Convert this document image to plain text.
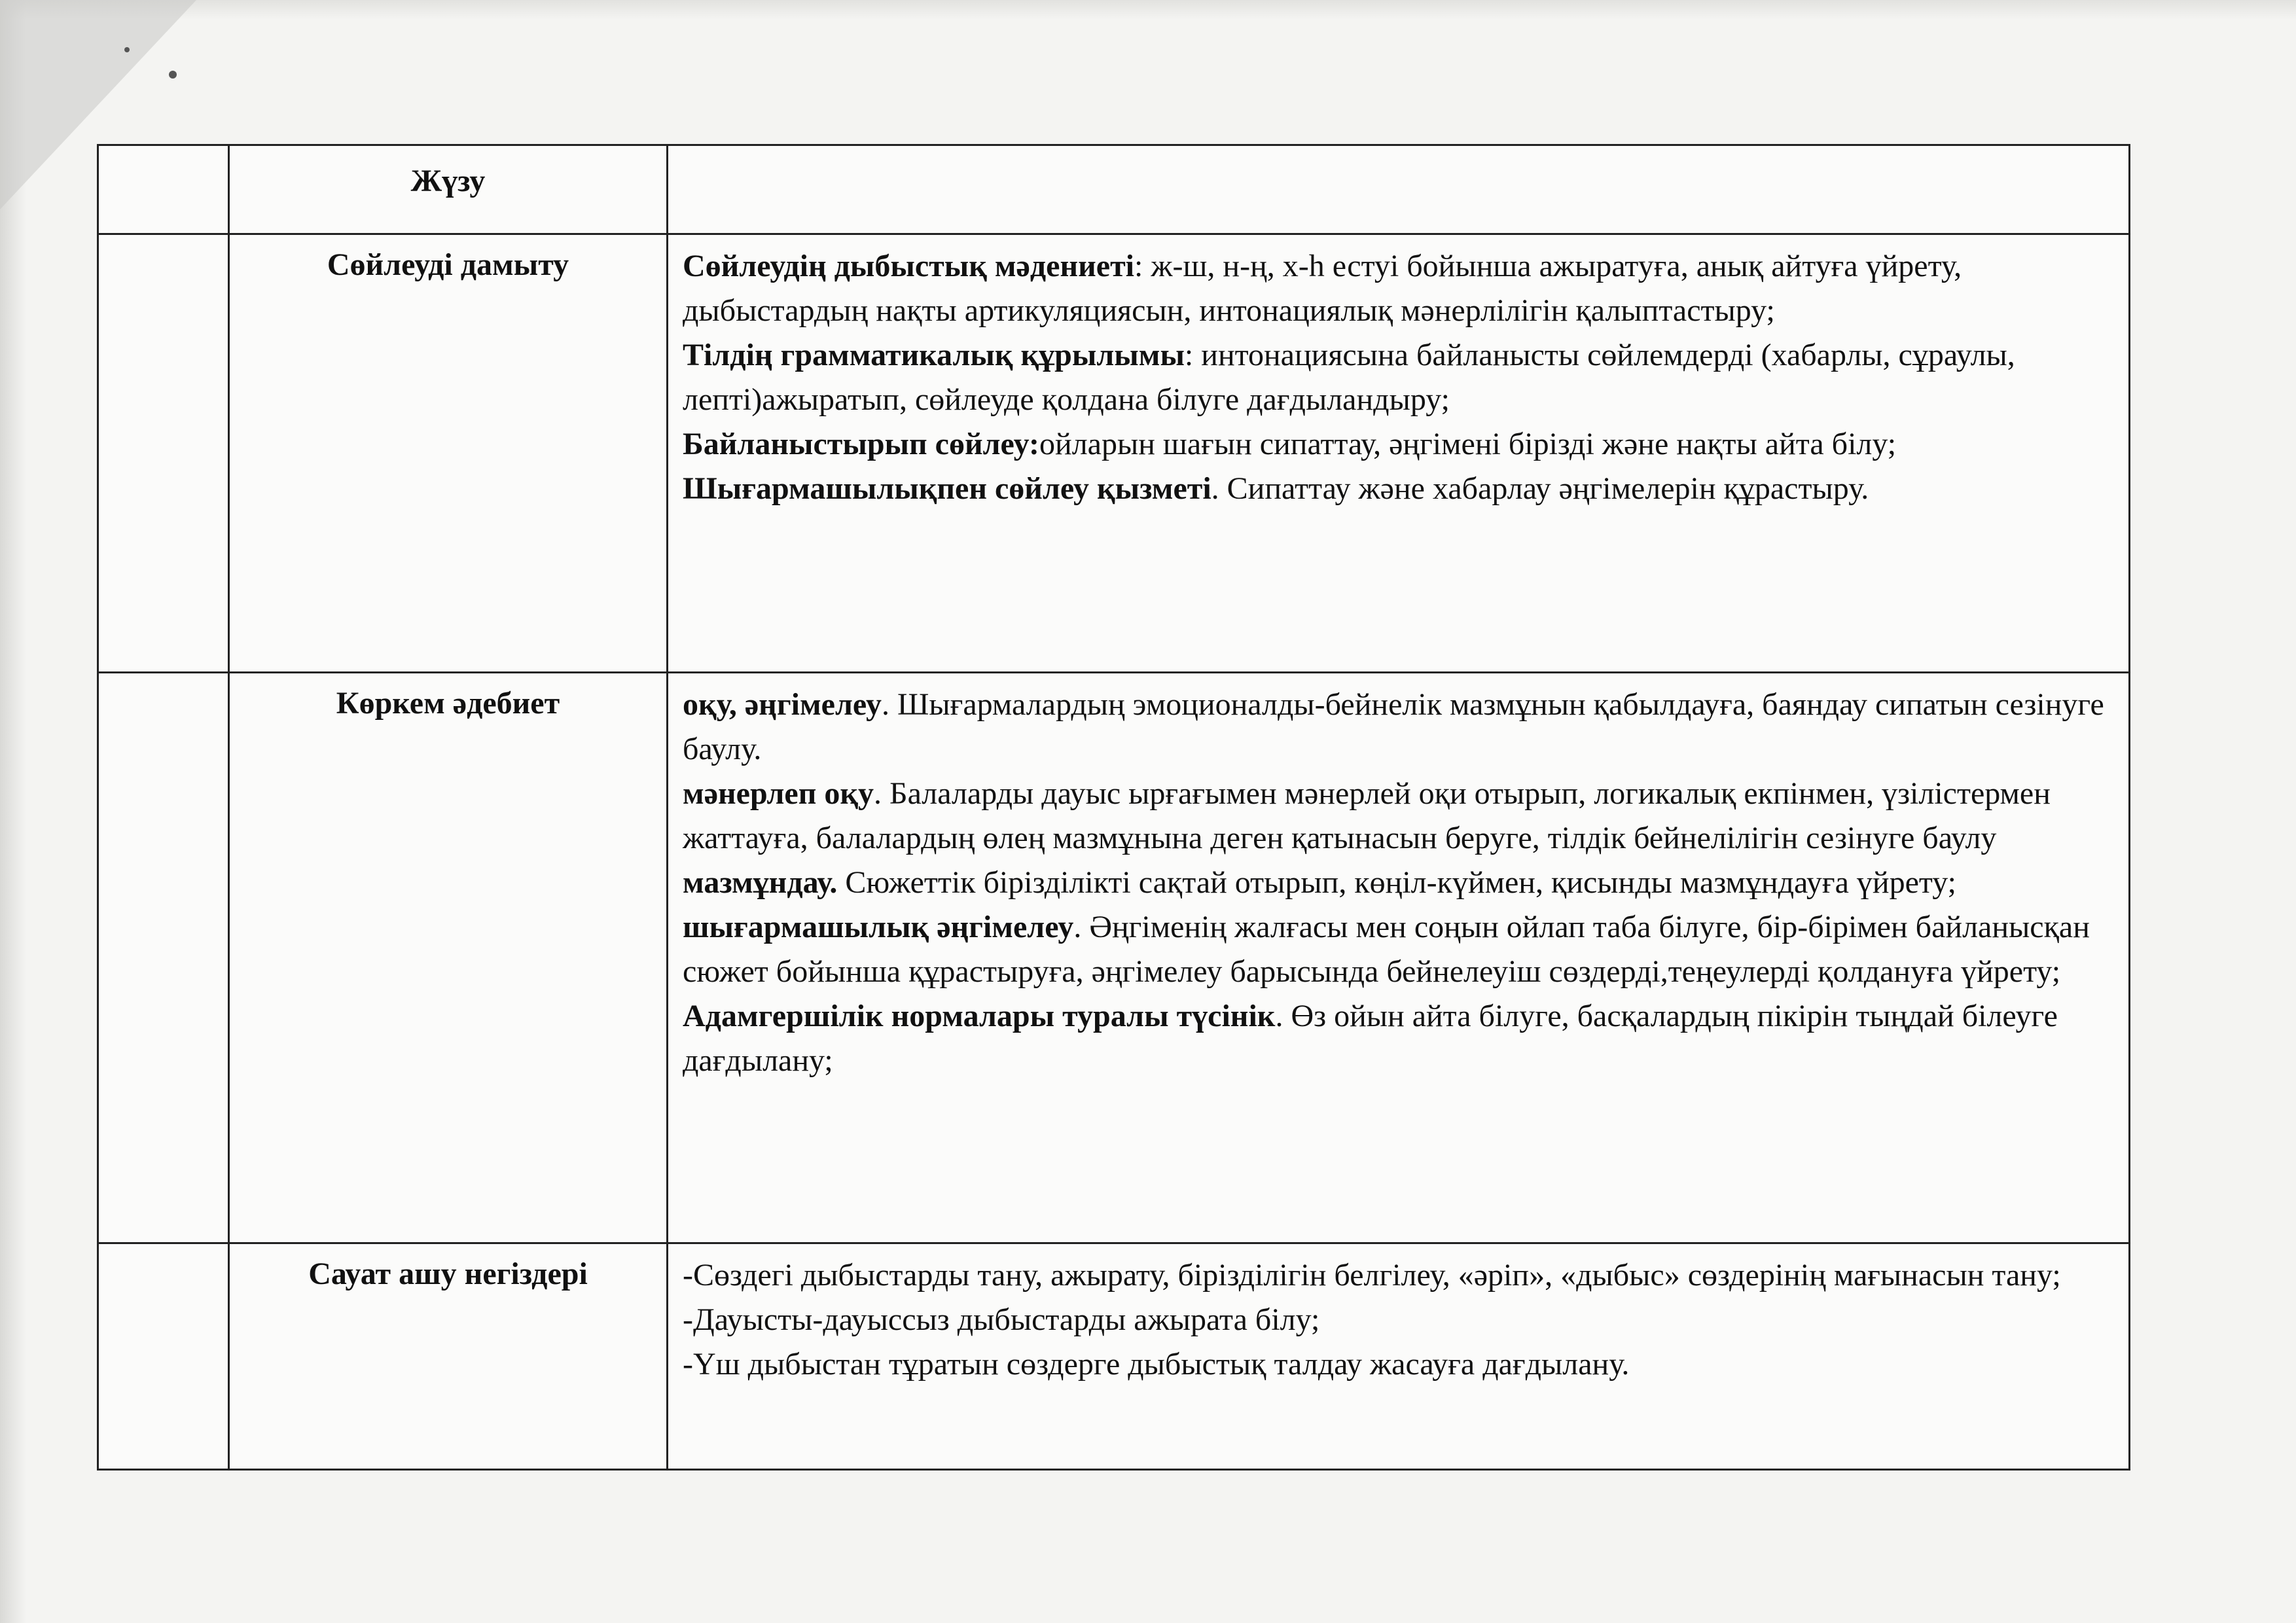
	Жүзу	
	Сөйлеуді дамыту	Сөйлеудің дыбыстық мәдениеті: ж-ш, н-ң, х-һ естуі бойынша ажыратуға, анық айтуға үйрету, дыбыстардың нақты артикуляциясын, интонациялық мәнерлілігін қалыптастыру;
Тілдің грамматикалық құрылымы: интонациясына байланысты сөйлемдерді (хабарлы, сұраулы, лепті)ажыратып, сөйлеуде қолдана білуге дағдыландыру;
Байланыстырып сөйлеу:ойларын шағын сипаттау, әңгімені бірізді және нақты айта білу;
Шығармашылықпен сөйлеу қызметі. Сипаттау және хабарлау әңгімелерін құрастыру.

	Көркем әдебиет	оқу, әңгімелеу. Шығармалардың эмоционалды-бейнелік мазмұнын қабылдауға, баяндау сипатын сезінуге баулу.
мәнерлеп оқу. Балаларды дауыс ырғағымен мәнерлей оқи отырып, логикалық екпінмен, үзілістермен жаттауға, балалардың өлең мазмұнына деген қатынасын беруге, тілдік бейнелілігін сезінуге баулу
мазмұндау. Сюжеттік бірізділікті сақтай отырып, көңіл-күймен, қисынды мазмұндауға үйрету;
шығармашылық әңгімелеу. Әңгіменің жалғасы мен соңын ойлап таба білуге, бір-бірімен байланысқан сюжет бойынша құрастыруға, әңгімелеу барысында бейнелеуіш сөздерді,теңеулерді қолдануға үйрету;
Адамгершілік нормалары туралы түсінік. Өз ойын айта білуге, басқалардың пікірін тыңдай білеуге дағдылану;

	Сауат ашу негіздері	-Сөздегі дыбыстарды тану, ажырату, бірізділігін белгілеу, «әріп», «дыбыс» сөздерінің мағынасын тану;
-Дауысты-дауыссыз дыбыстарды ажырата білу;
-Үш дыбыстан тұратын сөздерге дыбыстық талдау жасауға дағдылану.
